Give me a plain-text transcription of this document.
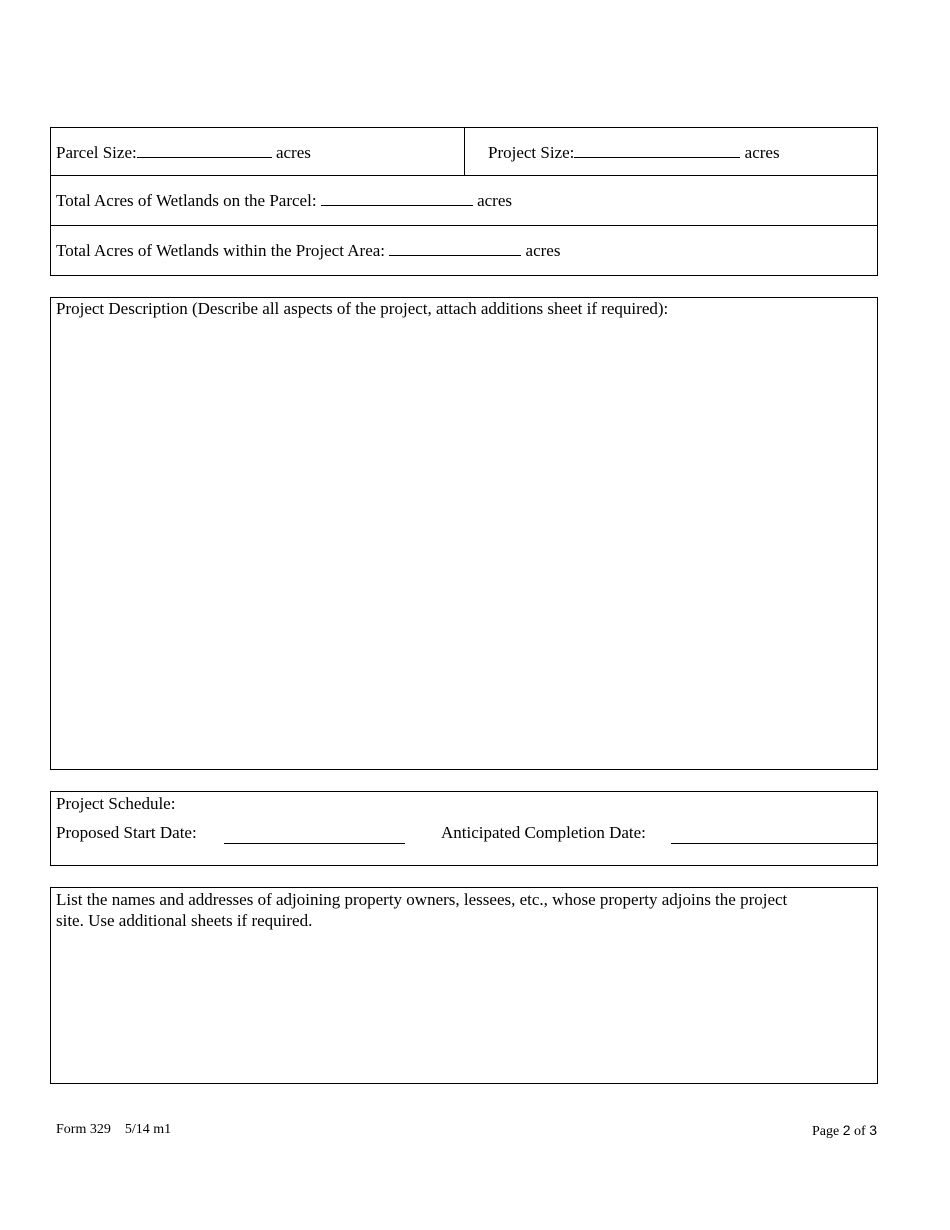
Parcel Size:	acres	Project Size:	acres
Total Acres of Wetlands on the Parcel:	acres
Total Acres of Wetlands within the Project Area:	acres
Project Description (Describe all aspects of the project, attach additions sheet if required):
Project Schedule:
Proposed Start Date:	Anticipated Completion Date:
List the names and addresses of adjoining property owners, lessees, etc., whose property adjoins the project
site. Use additional sheets if required.
Form 329 5/14 m1	Page 2 of 3
